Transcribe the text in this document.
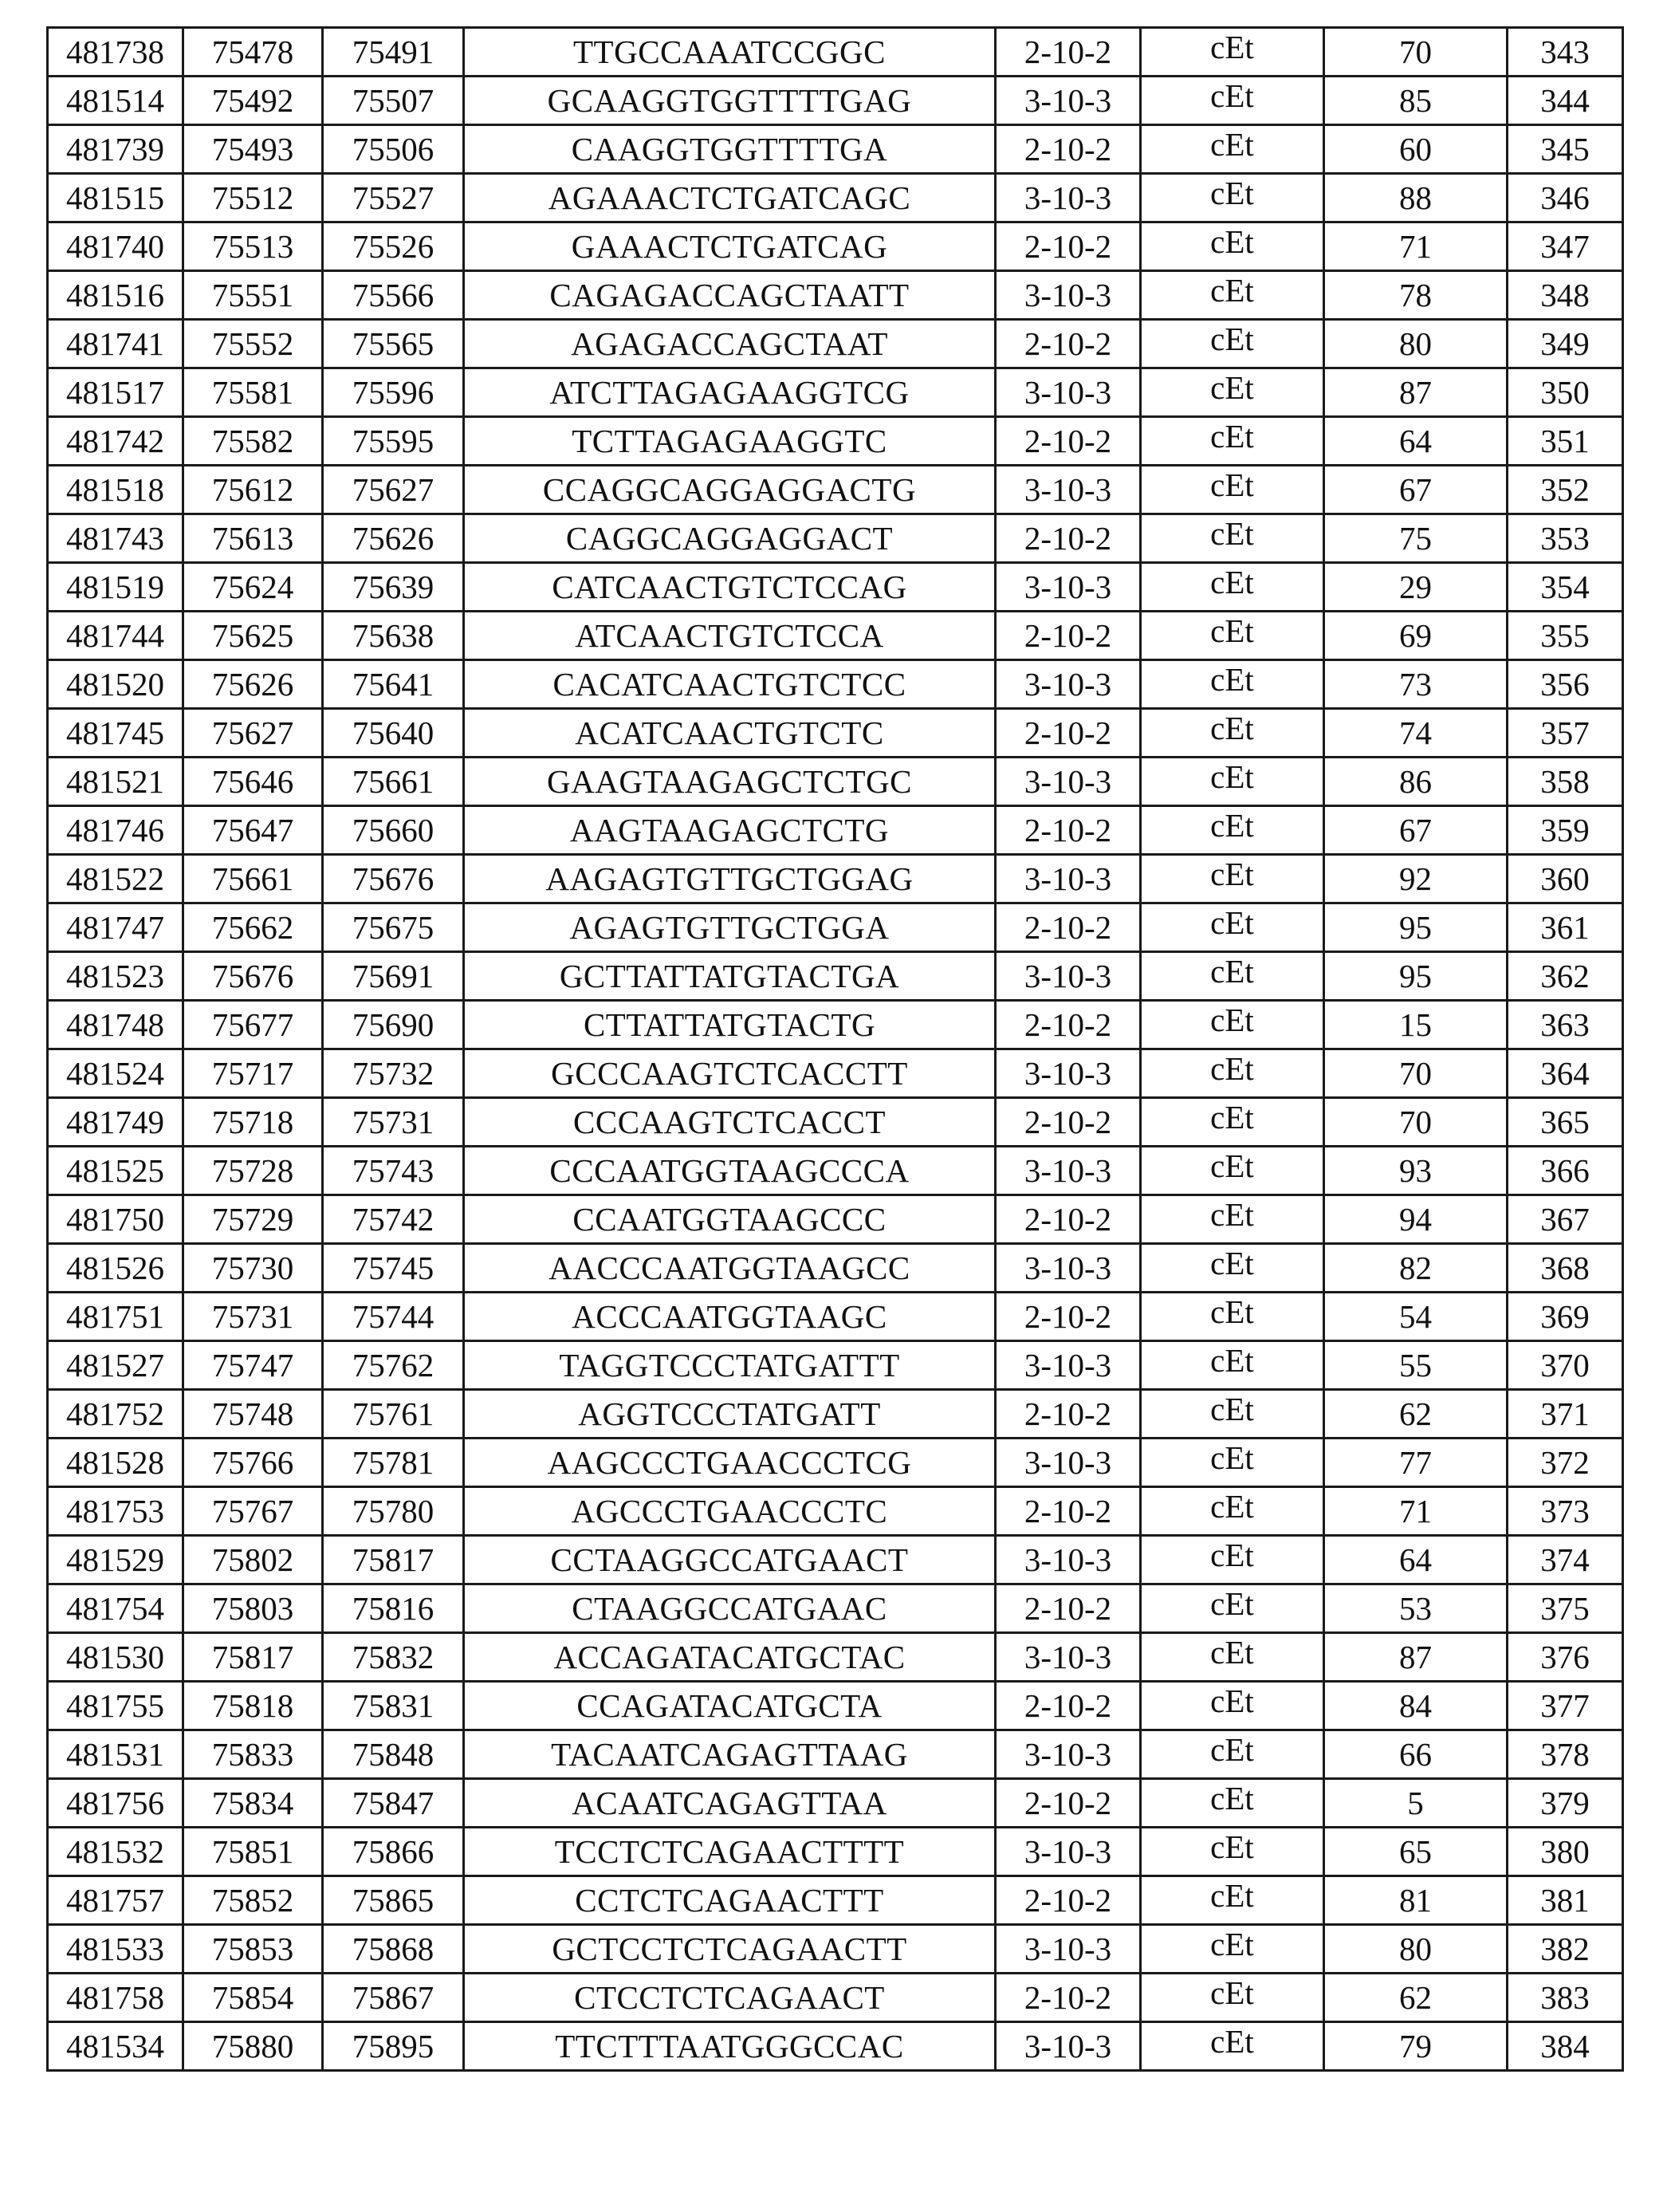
481738	75478	75491	TTGCCAAATCCGGC	2-10-2	cEt	70	343
481514	75492	75507	GCAAGGTGGTTTTGAG	3-10-3	cEt	85	344
481739	75493	75506	CAAGGTGGTTTTGA	2-10-2	cEt	60	345
481515	75512	75527	AGAAACTCTGATCAGC	3-10-3	cEt	88	346
481740	75513	75526	GAAACTCTGATCAG	2-10-2	cEt	71	347
481516	75551	75566	CAGAGACCAGCTAATT	3-10-3	cEt	78	348
481741	75552	75565	AGAGACCAGCTAAT	2-10-2	cEt	80	349
481517	75581	75596	ATCTTAGAGAAGGTCG	3-10-3	cEt	87	350
481742	75582	75595	TCTTAGAGAAGGTC	2-10-2	cEt	64	351
481518	75612	75627	CCAGGCAGGAGGACTG	3-10-3	cEt	67	352
481743	75613	75626	CAGGCAGGAGGACT	2-10-2	cEt	75	353
481519	75624	75639	CATCAACTGTCTCCAG	3-10-3	cEt	29	354
481744	75625	75638	ATCAACTGTCTCCA	2-10-2	cEt	69	355
481520	75626	75641	CACATCAACTGTCTCC	3-10-3	cEt	73	356
481745	75627	75640	ACATCAACTGTCTC	2-10-2	cEt	74	357
481521	75646	75661	GAAGTAAGAGCTCTGC	3-10-3	cEt	86	358
481746	75647	75660	AAGTAAGAGCTCTG	2-10-2	cEt	67	359
481522	75661	75676	AAGAGTGTTGCTGGAG	3-10-3	cEt	92	360
481747	75662	75675	AGAGTGTTGCTGGA	2-10-2	cEt	95	361
481523	75676	75691	GCTTATTATGTACTGA	3-10-3	cEt	95	362
481748	75677	75690	CTTATTATGTACTG	2-10-2	cEt	15	363
481524	75717	75732	GCCCAAGTCTCACCTT	3-10-3	cEt	70	364
481749	75718	75731	CCCAAGTCTCACCT	2-10-2	cEt	70	365
481525	75728	75743	CCCAATGGTAAGCCCA	3-10-3	cEt	93	366
481750	75729	75742	CCAATGGTAAGCCC	2-10-2	cEt	94	367
481526	75730	75745	AACCCAATGGTAAGCC	3-10-3	cEt	82	368
481751	75731	75744	ACCCAATGGTAAGC	2-10-2	cEt	54	369
481527	75747	75762	TAGGTCCCTATGATTT	3-10-3	cEt	55	370
481752	75748	75761	AGGTCCCTATGATT	2-10-2	cEt	62	371
481528	75766	75781	AAGCCCTGAACCCTCG	3-10-3	cEt	77	372
481753	75767	75780	AGCCCTGAACCCTC	2-10-2	cEt	71	373
481529	75802	75817	CCTAAGGCCATGAACT	3-10-3	cEt	64	374
481754	75803	75816	CTAAGGCCATGAAC	2-10-2	cEt	53	375
481530	75817	75832	ACCAGATACATGCTAC	3-10-3	cEt	87	376
481755	75818	75831	CCAGATACATGCTA	2-10-2	cEt	84	377
481531	75833	75848	TACAATCAGAGTTAAG	3-10-3	cEt	66	378
481756	75834	75847	ACAATCAGAGTTAA	2-10-2	cEt	5	379
481532	75851	75866	TCCTCTCAGAACTTTT	3-10-3	cEt	65	380
481757	75852	75865	CCTCTCAGAACTTT	2-10-2	cEt	81	381
481533	75853	75868	GCTCCTCTCAGAACTT	3-10-3	cEt	80	382
481758	75854	75867	CTCCTCTCAGAACT	2-10-2	cEt	62	383
481534	75880	75895	TTCTTTAATGGGCCAC	3-10-3	cEt	79	384
